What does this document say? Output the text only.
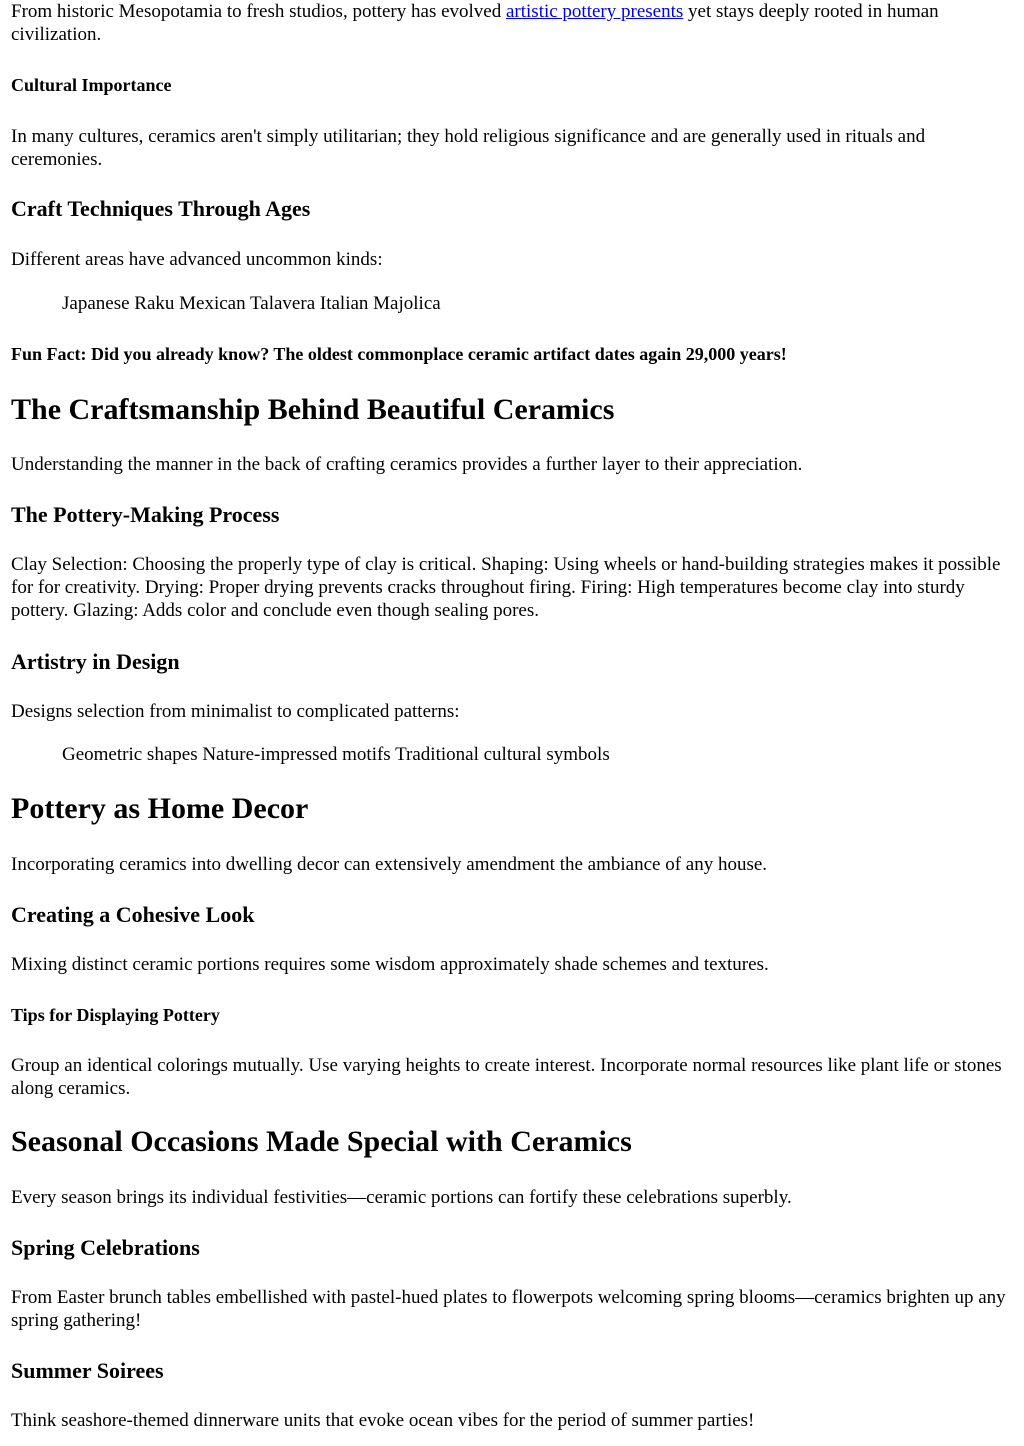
From historic Mesopotamia to fresh studios, pottery has evolved artistic pottery presents yet stays deeply rooted in human civilization.

Cultural Importance

In many cultures, ceramics aren't simply utilitarian; they hold religious significance and are generally used in rituals and ceremonies.

Craft Techniques Through Ages

Different areas have advanced uncommon kinds:

Japanese Raku Mexican Talavera Italian Majolica

Fun Fact: Did you already know? The oldest commonplace ceramic artifact dates again 29,000 years!

The Craftsmanship Behind Beautiful Ceramics

Understanding the manner in the back of crafting ceramics provides a further layer to their appreciation.

The Pottery-Making Process

Clay Selection: Choosing the properly type of clay is critical. Shaping: Using wheels or hand-building strategies makes it possible for for creativity. Drying: Proper drying prevents cracks throughout firing. Firing: High temperatures become clay into sturdy pottery. Glazing: Adds color and conclude even though sealing pores.

Artistry in Design

Designs selection from minimalist to complicated patterns:

Geometric shapes Nature-impressed motifs Traditional cultural symbols

Pottery as Home Decor

Incorporating ceramics into dwelling decor can extensively amendment the ambiance of any house.

Creating a Cohesive Look

Mixing distinct ceramic portions requires some wisdom approximately shade schemes and textures.

Tips for Displaying Pottery

Group an identical colorings mutually. Use varying heights to create interest. Incorporate normal resources like plant life or stones along ceramics.

Seasonal Occasions Made Special with Ceramics

Every season brings its individual festivities—ceramic portions can fortify these celebrations superbly.

Spring Celebrations

From Easter brunch tables embellished with pastel-hued plates to flowerpots welcoming spring blooms—ceramics brighten up any spring gathering!

Summer Soirees

Think seashore-themed dinnerware units that evoke ocean vibes for the period of summer parties!
